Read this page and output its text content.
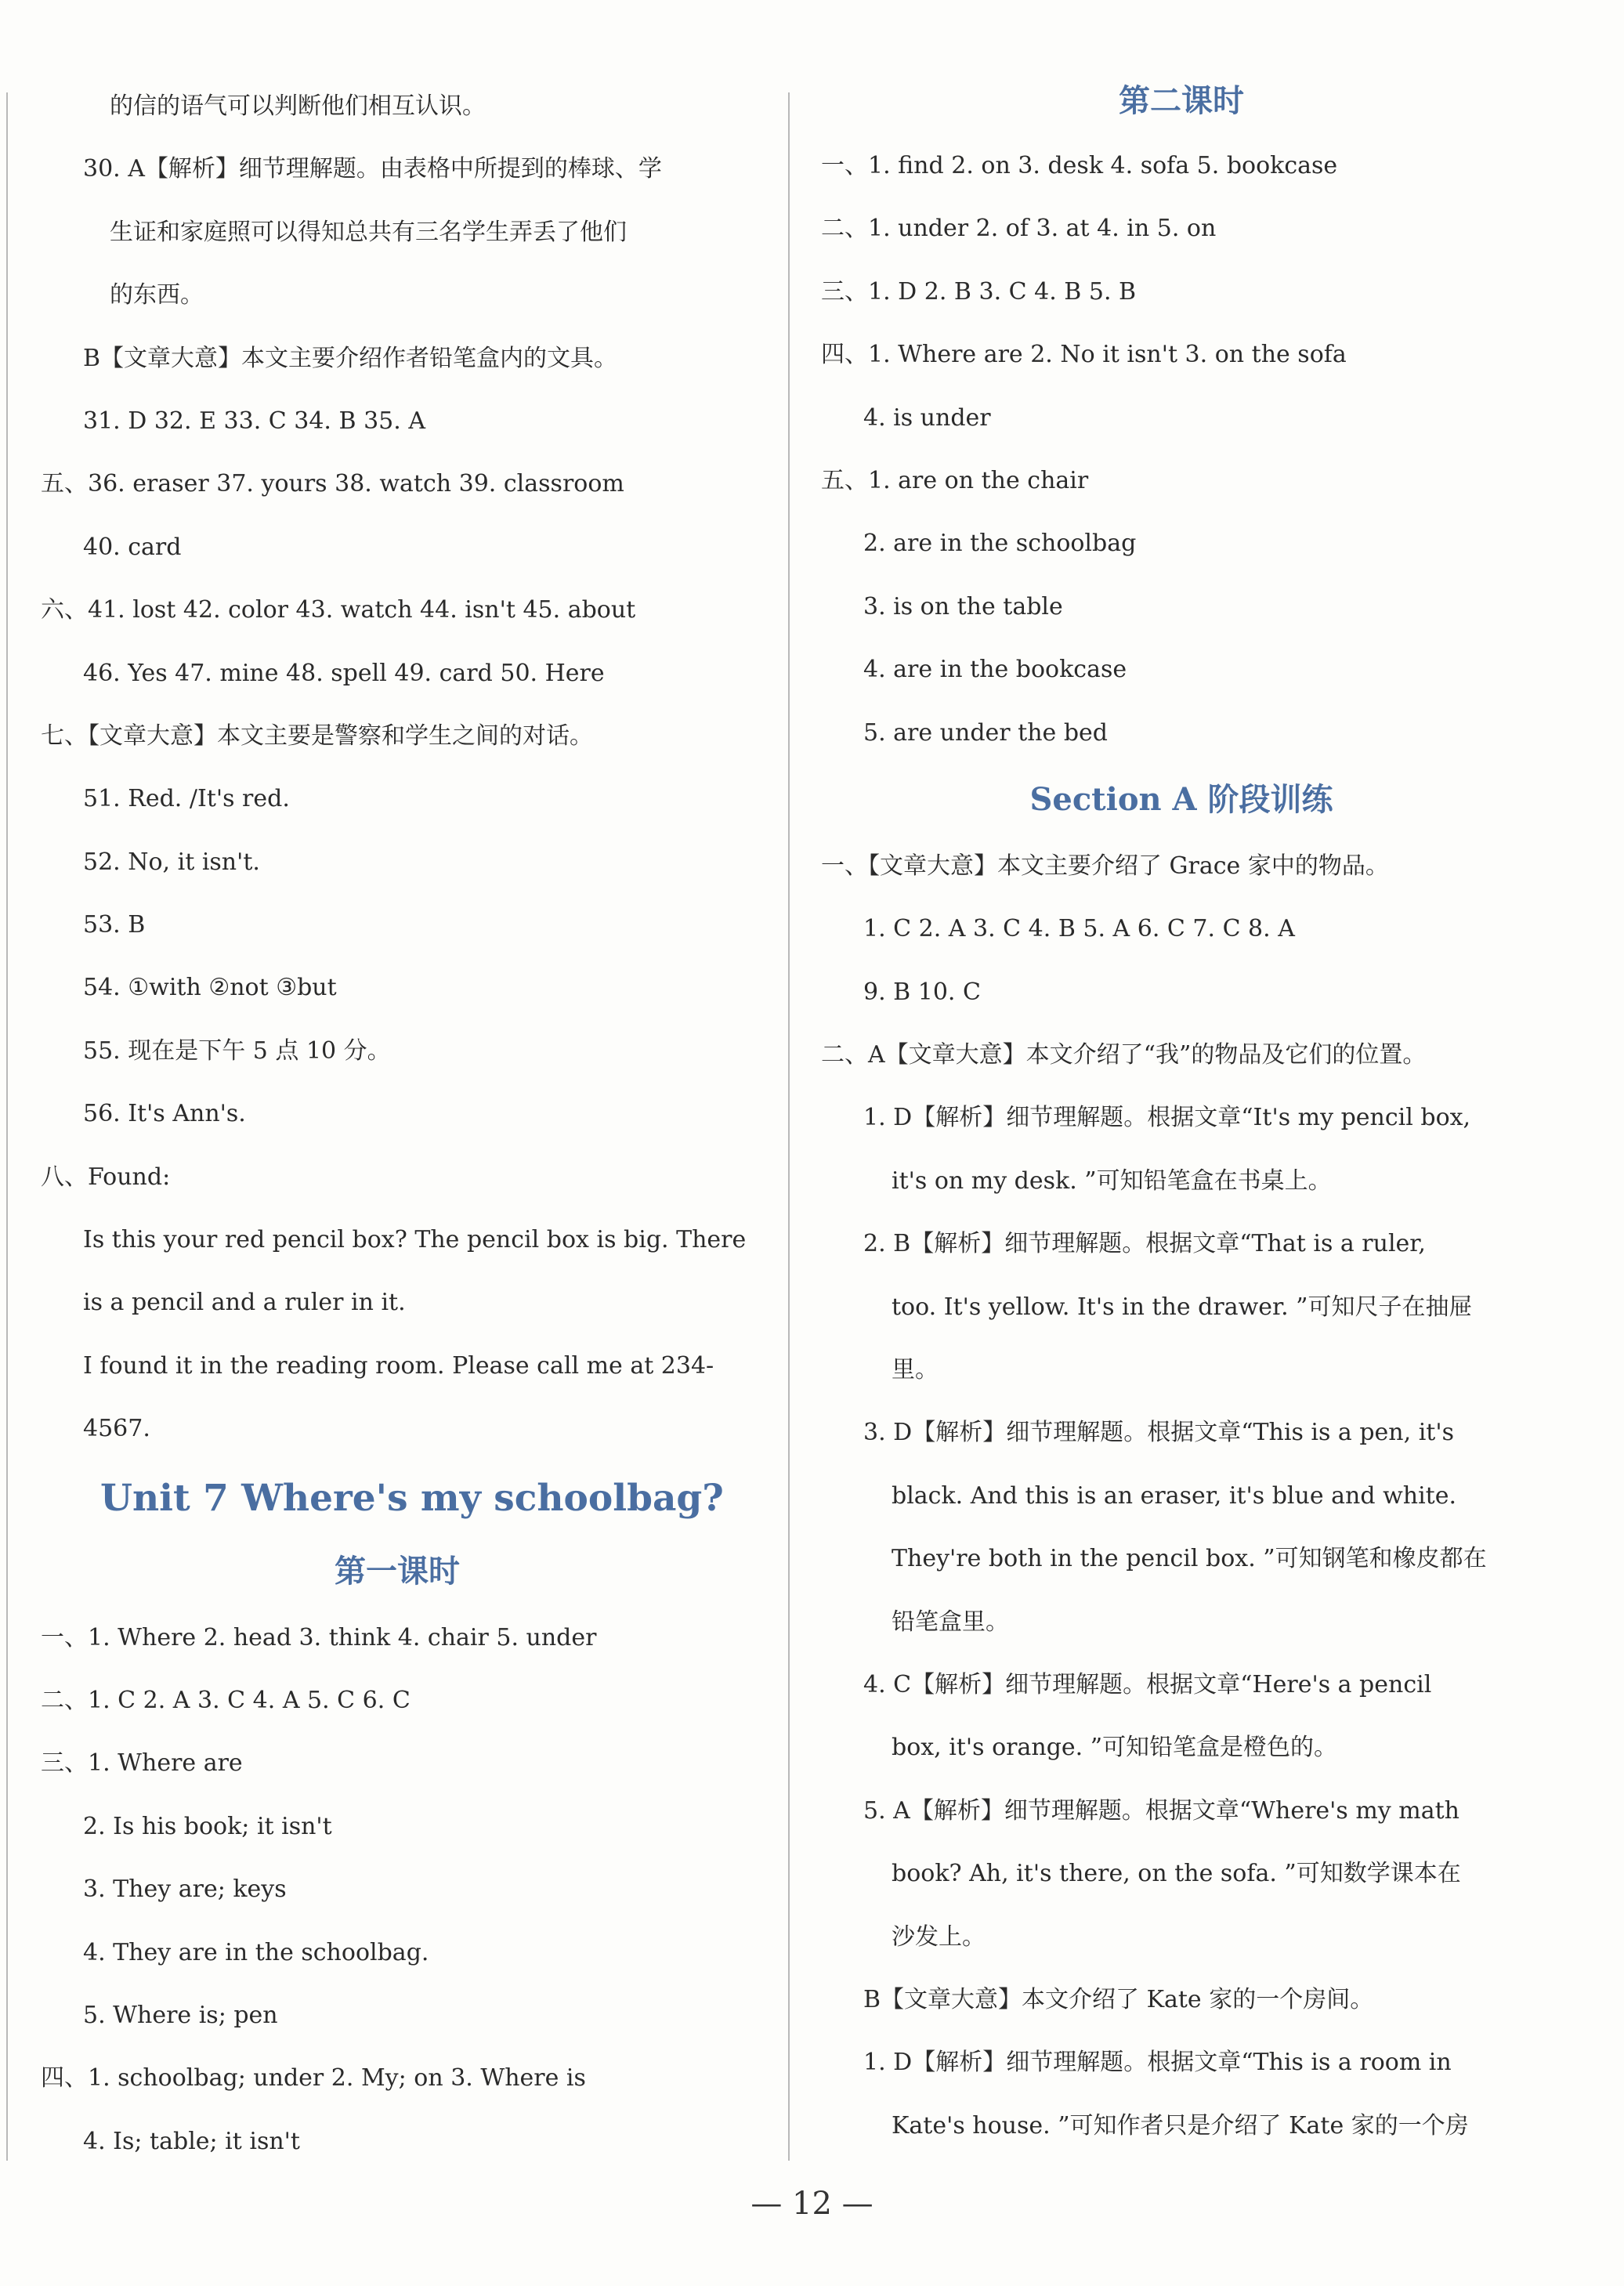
的信的语气可以判断他们相互认识。
30. A【解析】细节理解题。由表格中所提到的棒球、学
生证和家庭照可以得知总共有三名学生弄丢了他们
的东西。
B【文章大意】本文主要介绍作者铅笔盒内的文具。
31. D 32. E 33. C 34. B 35. A
五、36. eraser 37. yours 38. watch 39. classroom
40. card
六、41. lost 42. color 43. watch 44. isn't 45. about
46. Yes 47. mine 48. spell 49. card 50. Here
七、【文章大意】本文主要是警察和学生之间的对话。
51. Red. /It's red.
52. No, it isn't.
53. B
54. ①with ②not ③but
55. 现在是下午 5 点 10 分。
56. It's Ann's.
八、Found:
Is this your red pencil box? The pencil box is big. There
is a pencil and a ruler in it.
I found it in the reading room. Please call me at 234-
4567.
Unit 7 Where's my schoolbag?
第一课时
一、1. Where 2. head 3. think 4. chair 5. under
二、1. C 2. A 3. C 4. A 5. C 6. C
三、1. Where are
2. Is his book; it isn't
3. They are; keys
4. They are in the schoolbag.
5. Where is; pen
四、1. schoolbag; under 2. My; on 3. Where is
4. Is; table; it isn't
第二课时
一、1. find 2. on 3. desk 4. sofa 5. bookcase
二、1. under 2. of 3. at 4. in 5. on
三、1. D 2. B 3. C 4. B 5. B
四、1. Where are 2. No it isn't 3. on the sofa
4. is under
五、1. are on the chair
2. are in the schoolbag
3. is on the table
4. are in the bookcase
5. are under the bed
Section A 阶段训练
一、【文章大意】本文主要介绍了 Grace 家中的物品。
1. C 2. A 3. C 4. B 5. A 6. C 7. C 8. A
9. B 10. C
二、A【文章大意】本文介绍了“我”的物品及它们的位置。
1. D【解析】细节理解题。根据文章“It's my pencil box,
it's on my desk. ”可知铅笔盒在书桌上。
2. B【解析】细节理解题。根据文章“That is a ruler,
too. It's yellow. It's in the drawer. ”可知尺子在抽屉
里。
3. D【解析】细节理解题。根据文章“This is a pen, it's
black. And this is an eraser, it's blue and white.
They're both in the pencil box. ”可知钢笔和橡皮都在
铅笔盒里。
4. C【解析】细节理解题。根据文章“Here's a pencil
box, it's orange. ”可知铅笔盒是橙色的。
5. A【解析】细节理解题。根据文章“Where's my math
book? Ah, it's there, on the sofa. ”可知数学课本在
沙发上。
B【文章大意】本文介绍了 Kate 家的一个房间。
1. D【解析】细节理解题。根据文章“This is a room in
Kate's house. ”可知作者只是介绍了 Kate 家的一个房
— 12 —
